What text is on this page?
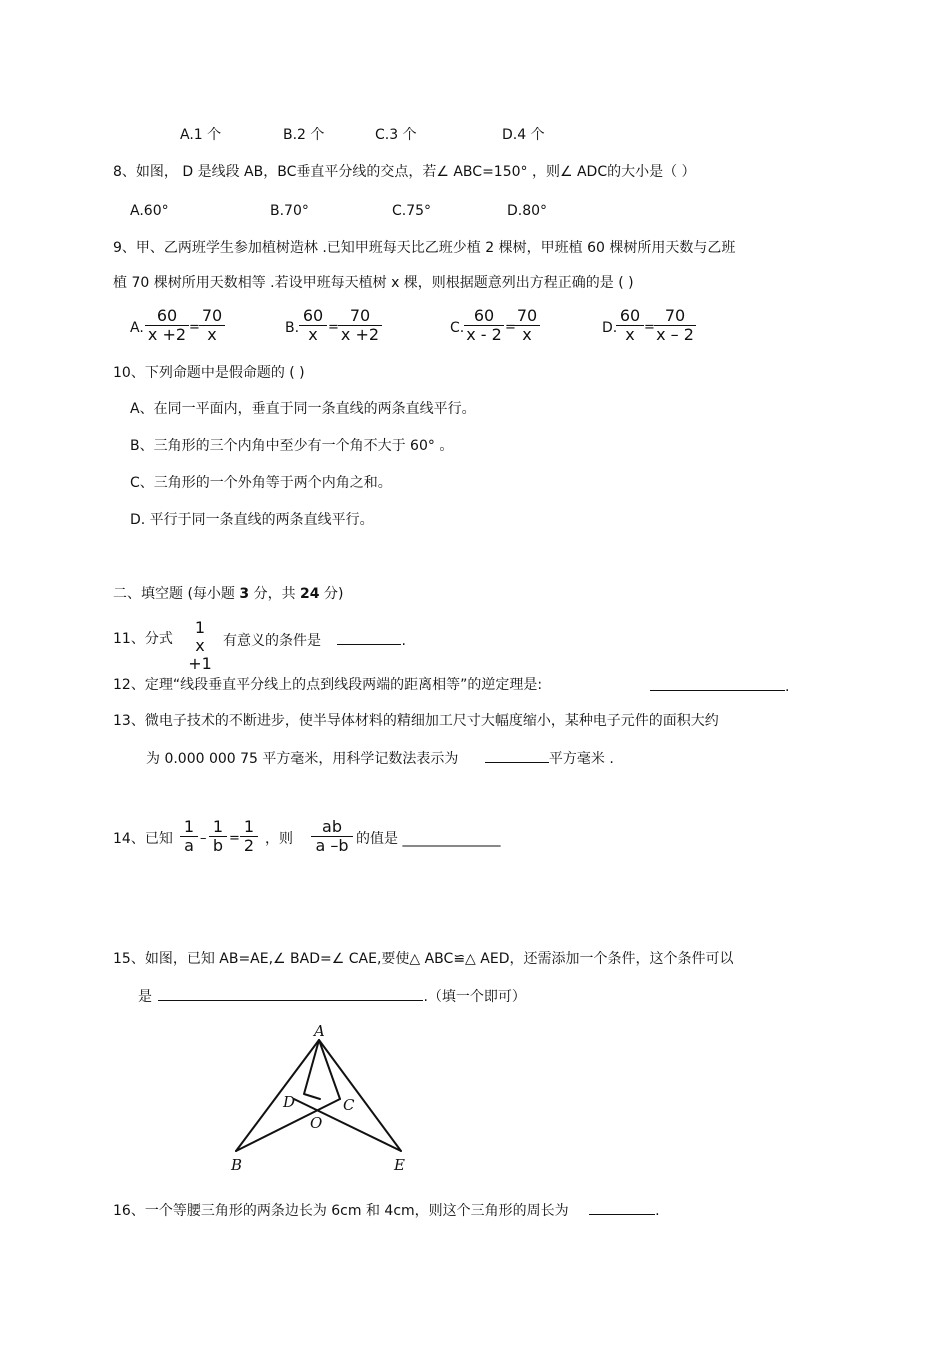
A.1 个	B.2 个	C.3 个	D.4 个
8、如图， D 是线段 AB，BC垂直平分线的交点，若∠ ABC=150° ，则∠ ADC的大小是（ ）
A.60°	B.70°	C.75°	D.80°
9、甲、乙两班学生参加植树造林 .已知甲班每天比乙班少植 2 棵树，甲班植 60 棵树所用天数与乙班
植 70 棵树所用天数相等 .若设甲班每天植树 x 棵，则根据题意列出方程正确的是 ( )
A. $\frac{60}{x +2} = \frac{70}{x}$	B. $\frac{60}{x} = \frac{70}{x +2}$	C. $\frac{60}{x - 2}$ =
$\frac{70}{x}$	D.
$\frac{60}{x} = \frac{70}{x - 2}$
10、下列命题中是假命题的 ( )
A、在同一平面内，垂直于同一条直线的两条直线平行。
B、三角形的三个内角中至少有一个角不大于 60° 。
C、三角形的一个外角等于两个内角之和。
D. 平行于同一条直线的两条直线平行。
二、填空题 (每小题 3 分，共 24 分)
11、分式
1
x +1
有意义的条件是	.
12、定理“线段垂直平分线上的点到线段两端的距离相等”的逆定理是:	.
13、微电子技术的不断进步，使半导体材料的精细加工尺寸大幅度缩小，某种电子元件的面积大约
为 0.000 000 75 平方毫米，用科学记数法表示为	平方毫米 .
14、已知 $\frac{1}{a} - \frac{1}{b} = \frac{1}{2}$ ，则 $\frac{ab}{a -b}$ 的值是 ______________
15、如图，已知 AB=AE,∠ BAD=∠ CAE,要使△ ABC≌△ AED，还需添加一个条件，这个条件可以
是	.（填一个即可）
A
D	C
O
B	E
16、一个等腰三角形的两条边长为 6cm 和 4cm，则这个三角形的周长为	.
